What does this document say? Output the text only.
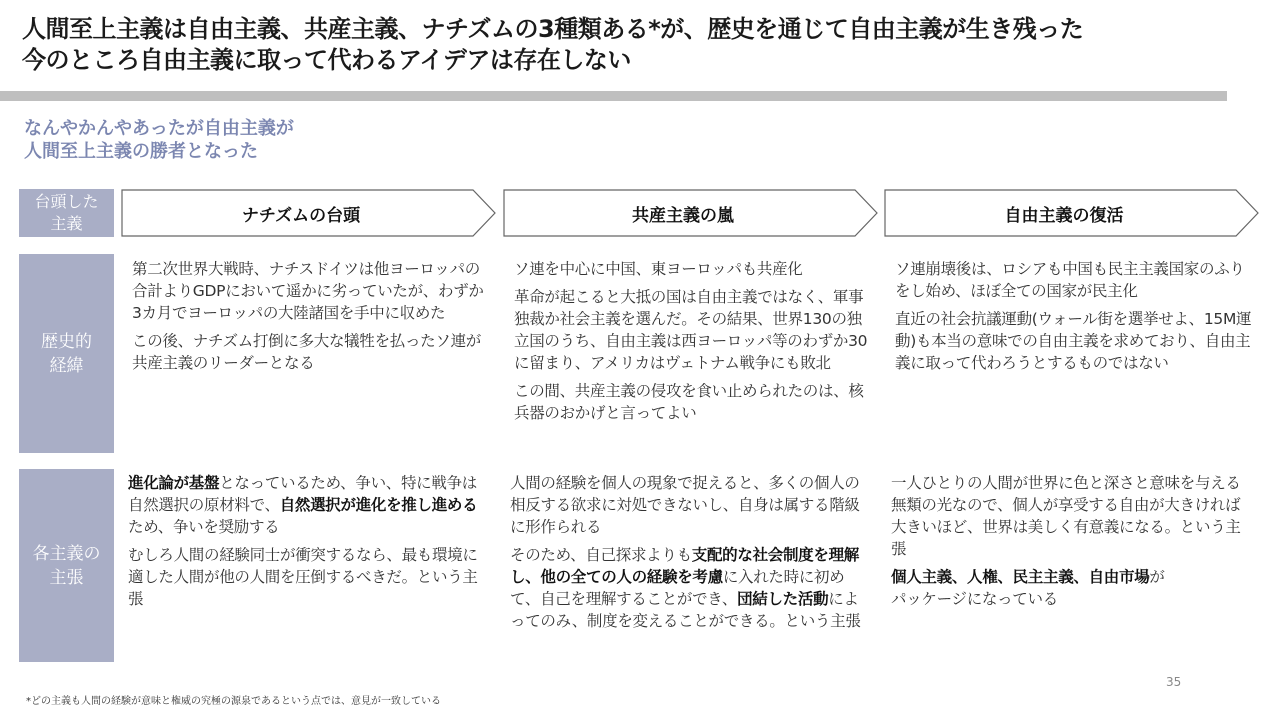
人間至上主義は自由主義、共産主義、ナチズムの3種類ある*が、歴史を通じて自由主義が生き残った
今のところ自由主義に取って代わるアイデアは存在しない
なんやかんやあったが自由主義が
人間至上主義の勝者となった
台頭した
主義
歴史的
経緯
各主義の
主張
ナチズムの台頭	共産主義の嵐	自由主義の復活

第二次世界大戦時、ナチスドイツは他ヨーロッパの合計よりGDPにおいて遥かに劣っていたが、わずか3カ月でヨーロッパの大陸諸国を手中に収めた

この後、ナチズム打倒に多大な犠牲を払ったソ連が共産主義のリーダーとなる

ソ連を中心に中国、東ヨーロッパも共産化

革命が起こると大抵の国は自由主義ではなく、軍事独裁か社会主義を選んだ。その結果、世界130の独立国のうち、自由主義は西ヨーロッパ等のわずか30に留まり、アメリカはヴェトナム戦争にも敗北

この間、共産主義の侵攻を食い止められたのは、核兵器のおかげと言ってよい

ソ連崩壊後は、ロシアも中国も民主主義国家のふりをし始め、ほぼ全ての国家が民主化

直近の社会抗議運動(ウォール街を選挙せよ、15M運動)も本当の意味での自由主義を求めており、自由主義に取って代わろうとするものではない

進化論が基盤となっているため、争い、特に戦争は自然選択の原材料で、自然選択が進化を推し進めるため、争いを奨励する

むしろ人間の経験同士が衝突するなら、最も環境に適した人間が他の人間を圧倒するべきだ。という主張

人間の経験を個人の現象で捉えると、多くの個人の相反する欲求に対処できないし、自身は属する階級に形作られる

そのため、自己探求よりも支配的な社会制度を理解し、他の全ての人の経験を考慮に入れた時に初めて、自己を理解することができ、団結した活動によってのみ、制度を変えることができる。という主張

一人ひとりの人間が世界に色と深さと意味を与える無類の光なので、個人が享受する自由が大きければ大きいほど、世界は美しく有意義になる。という主張

個人主義、人権、民主主義、自由市場が
パッケージになっている

35
*どの主義も人間の経験が意味と権威の究極の源泉であるという点では、意見が一致している
